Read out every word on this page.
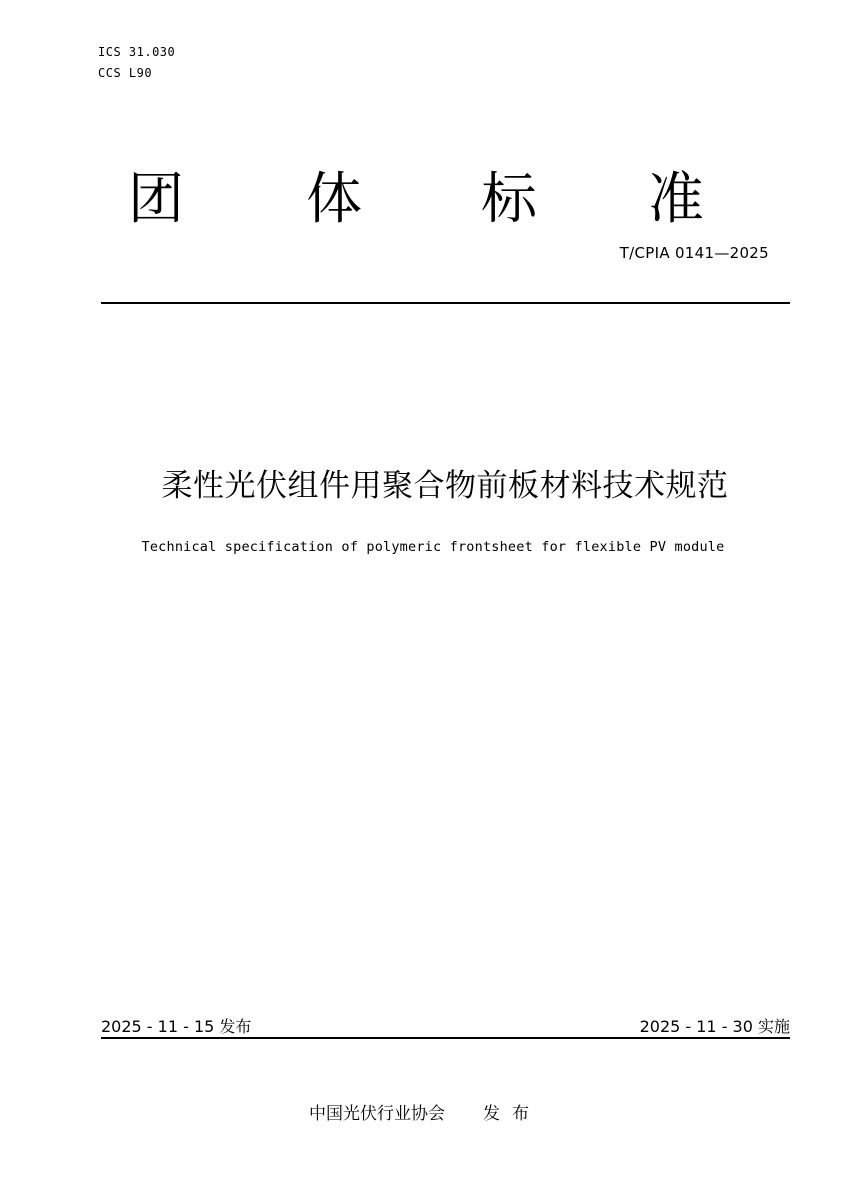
ICS 31.030
CCS L90
团 体 标 准
T/CPIA 0141—2025
柔性光伏组件用聚合物前板材料技术规范
Technical specification of polymeric frontsheet for flexible PV module
2025 - 11 - 15 发布	2025 - 11 - 30 实施
中国光伏行业协会 发布
